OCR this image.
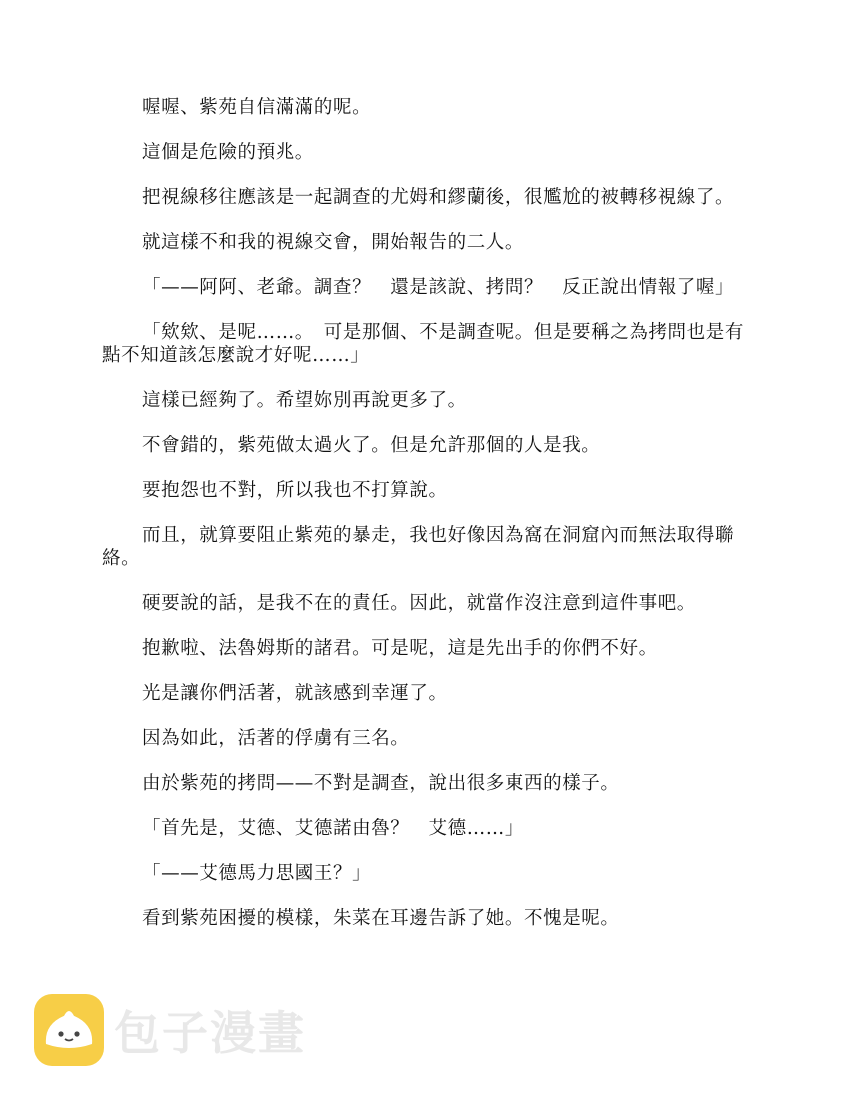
喔喔、紫苑自信滿滿的呢。

這個是危險的預兆。

把視線移往應該是一起調查的尤姆和繆蘭後，很尷尬的被轉移視線了。

就這樣不和我的視線交會，開始報告的二人。

「——阿阿、老爺。調查？　還是該說、拷問？　反正說出情報了喔」

「欸欸、是呢……。　可是那個、不是調查呢。但是要稱之為拷問也是有點不知道該怎麼說才好呢……」

這樣已經夠了。希望妳別再說更多了。

不會錯的，紫苑做太過火了。但是允許那個的人是我。

要抱怨也不對，所以我也不打算說。

而且，就算要阻止紫苑的暴走，我也好像因為窩在洞窟內而無法取得聯絡。

硬要說的話，是我不在的責任。因此，就當作沒注意到這件事吧。

抱歉啦、法魯姆斯的諸君。可是呢，這是先出手的你們不好。

光是讓你們活著，就該感到幸運了。

因為如此，活著的俘虜有三名。

由於紫苑的拷問——不對是調查，說出很多東西的樣子。

「首先是，艾德、艾德諾由魯？　艾德……」

「——艾德馬力思國王？」

看到紫苑困擾的模樣，朱菜在耳邊告訴了她。不愧是呢。

包子漫畫
